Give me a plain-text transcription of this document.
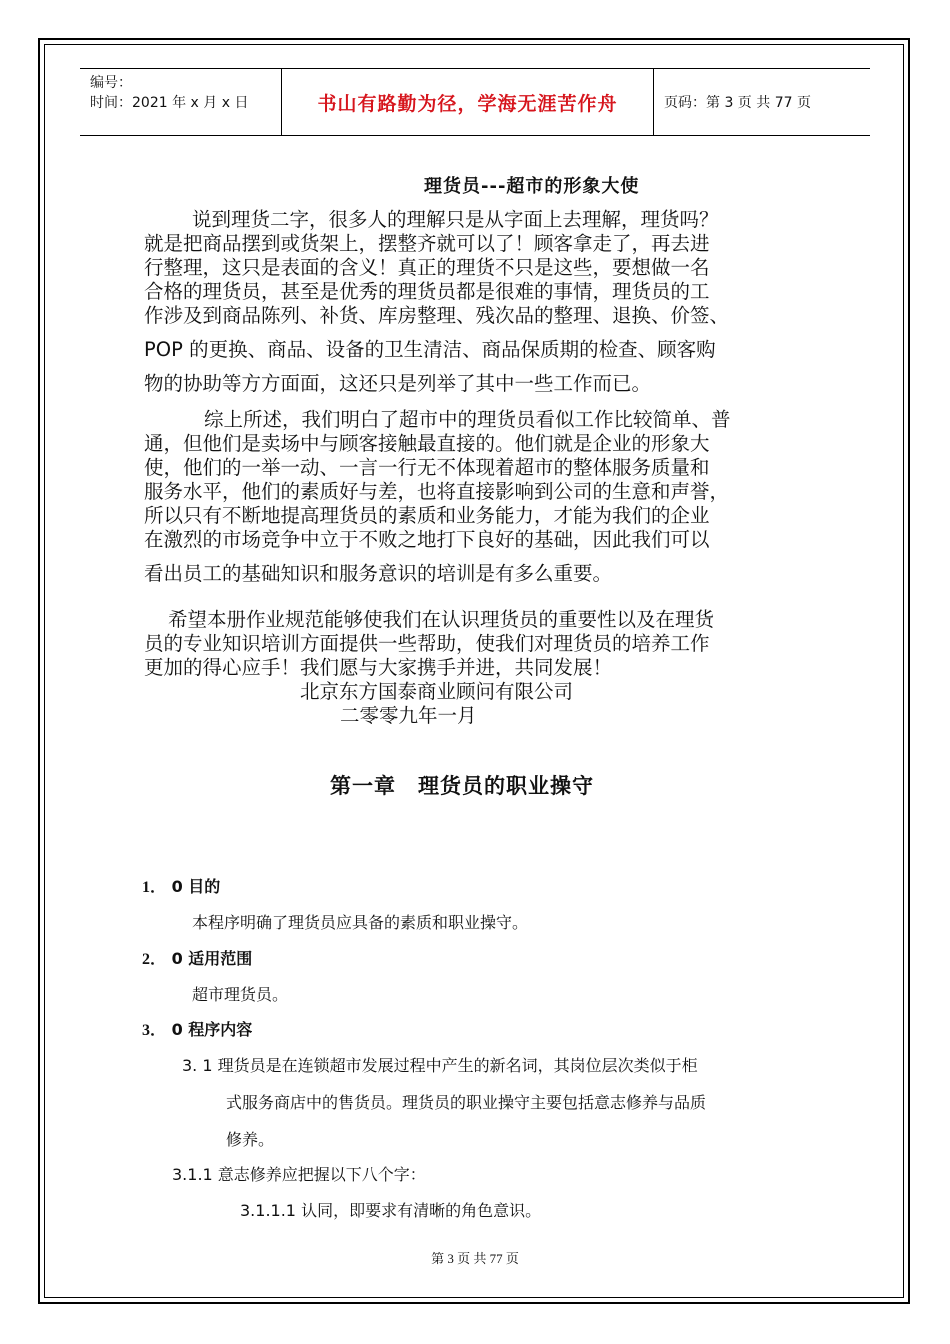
编号：
时间：2021 年 x 月 x 日	书山有路勤为径，学海无涯苦作舟	页码：第 3 页 共 77 页
理货员---超市的形象大使
说到理货二字，很多人的理解只是从字面上去理解，理货吗？
就是把商品摆到或货架上，摆整齐就可以了！顾客拿走了，再去进
行整理，这只是表面的含义！真正的理货不只是这些，要想做一名
合格的理货员，甚至是优秀的理货员都是很难的事情，理货员的工
作涉及到商品陈列、补货、库房整理、残次品的整理、退换、价签、
POP 的更换、商品、设备的卫生清洁、商品保质期的检查、顾客购
物的协助等方方面面，这还只是列举了其中一些工作而已。
综上所述，我们明白了超市中的理货员看似工作比较简单、普
通，但他们是卖场中与顾客接触最直接的。他们就是企业的形象大
使，他们的一举一动、一言一行无不体现着超市的整体服务质量和
服务水平，他们的素质好与差，也将直接影响到公司的生意和声誉，
所以只有不断地提高理货员的素质和业务能力，才能为我们的企业
在激烈的市场竞争中立于不败之地打下良好的基础，因此我们可以
看出员工的基础知识和服务意识的培训是有多么重要。
希望本册作业规范能够使我们在认识理货员的重要性以及在理货
员的专业知识培训方面提供一些帮助，使我们对理货员的培养工作
更加的得心应手！我们愿与大家携手并进，共同发展！
北京东方国泰商业顾问有限公司
二零零九年一月
第一章　理货员的职业操守
1． 0 目的
本程序明确了理货员应具备的素质和职业操守。
2． 0 适用范围
超市理货员。
3． 0 程序内容
3. 1 理货员是在连锁超市发展过程中产生的新名词，其岗位层次类似于柜
式服务商店中的售货员。理货员的职业操守主要包括意志修养与品质
修养。
3.1.1 意志修养应把握以下八个字：
3.1.1.1 认同，即要求有清晰的角色意识。
第 3 页 共 77 页
